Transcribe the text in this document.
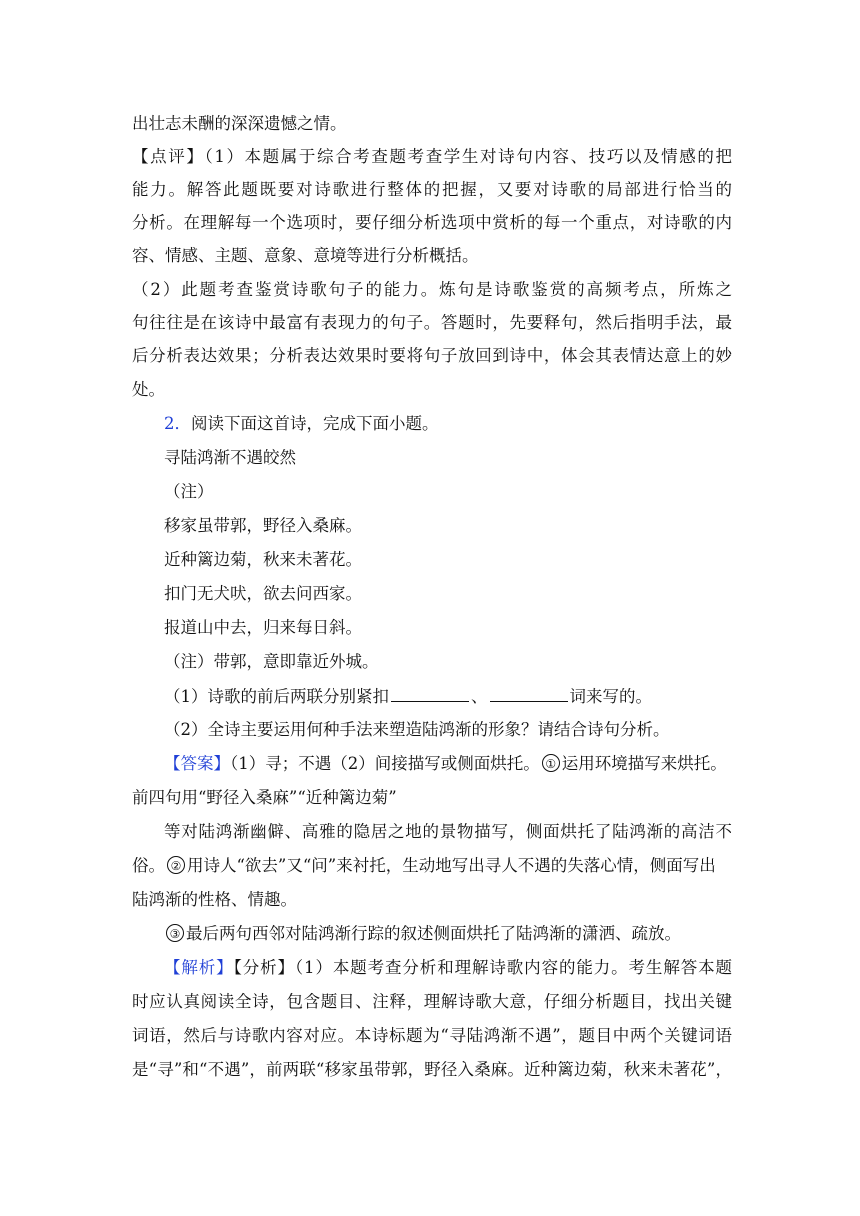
出壮志未酬的深深遗憾之情。
【点评】（1）本题属于综合考查题考查学生对诗句内容、技巧以及情感的把
能力。解答此题既要对诗歌进行整体的把握，又要对诗歌的局部进行恰当的
分析。在理解每一个选项时，要仔细分析选项中赏析的每一个重点，对诗歌的内
容、情感、主题、意象、意境等进行分析概括。
（2）此题考查鉴赏诗歌句子的能力。炼句是诗歌鉴赏的高频考点，所炼之
句往往是在该诗中最富有表现力的句子。答题时，先要释句，然后指明手法，最
后分析表达效果；分析表达效果时要将句子放回到诗中，体会其表情达意上的妙
处。
2．阅读下面这首诗，完成下面小题。
寻陆鸿渐不遇皎然
（注）
移家虽带郭，野径入桑麻。
近种篱边菊，秋来未著花。
扣门无犬吠，欲去问西家。
报道山中去，归来每日斜。
（注）带郭，意即靠近外城。
（1）诗歌的前后两联分别紧扣	、	词来写的。
（2）全诗主要运用何种手法来塑造陆鸿渐的形象？请结合诗句分析。
【答案】（1）寻；不遇（2）间接描写或侧面烘托。 ① 运用环境描写来烘托。
前四句用“野径入桑麻”“近种篱边菊”
等对陆鸿渐幽僻、高雅的隐居之地的景物描写，侧面烘托了陆鸿渐的高洁不
俗。 ② 用诗人“欲去”又“问”来衬托，生动地写出寻人不遇的失落心情，侧面写出
陆鸿渐的性格、情趣。
③ 最后两句西邻对陆鸿渐行踪的叙述侧面烘托了陆鸿渐的潇洒、疏放。
【解析】【分析】（1）本题考查分析和理解诗歌内容的能力。考生解答本题
时应认真阅读全诗，包含题目、注释，理解诗歌大意，仔细分析题目，找出关键
词语，然后与诗歌内容对应。本诗标题为“寻陆鸿渐不遇”，题目中两个关键词语
是“寻”和“不遇”，前两联“移家虽带郭，野径入桑麻。近种篱边菊，秋来未著花”，
